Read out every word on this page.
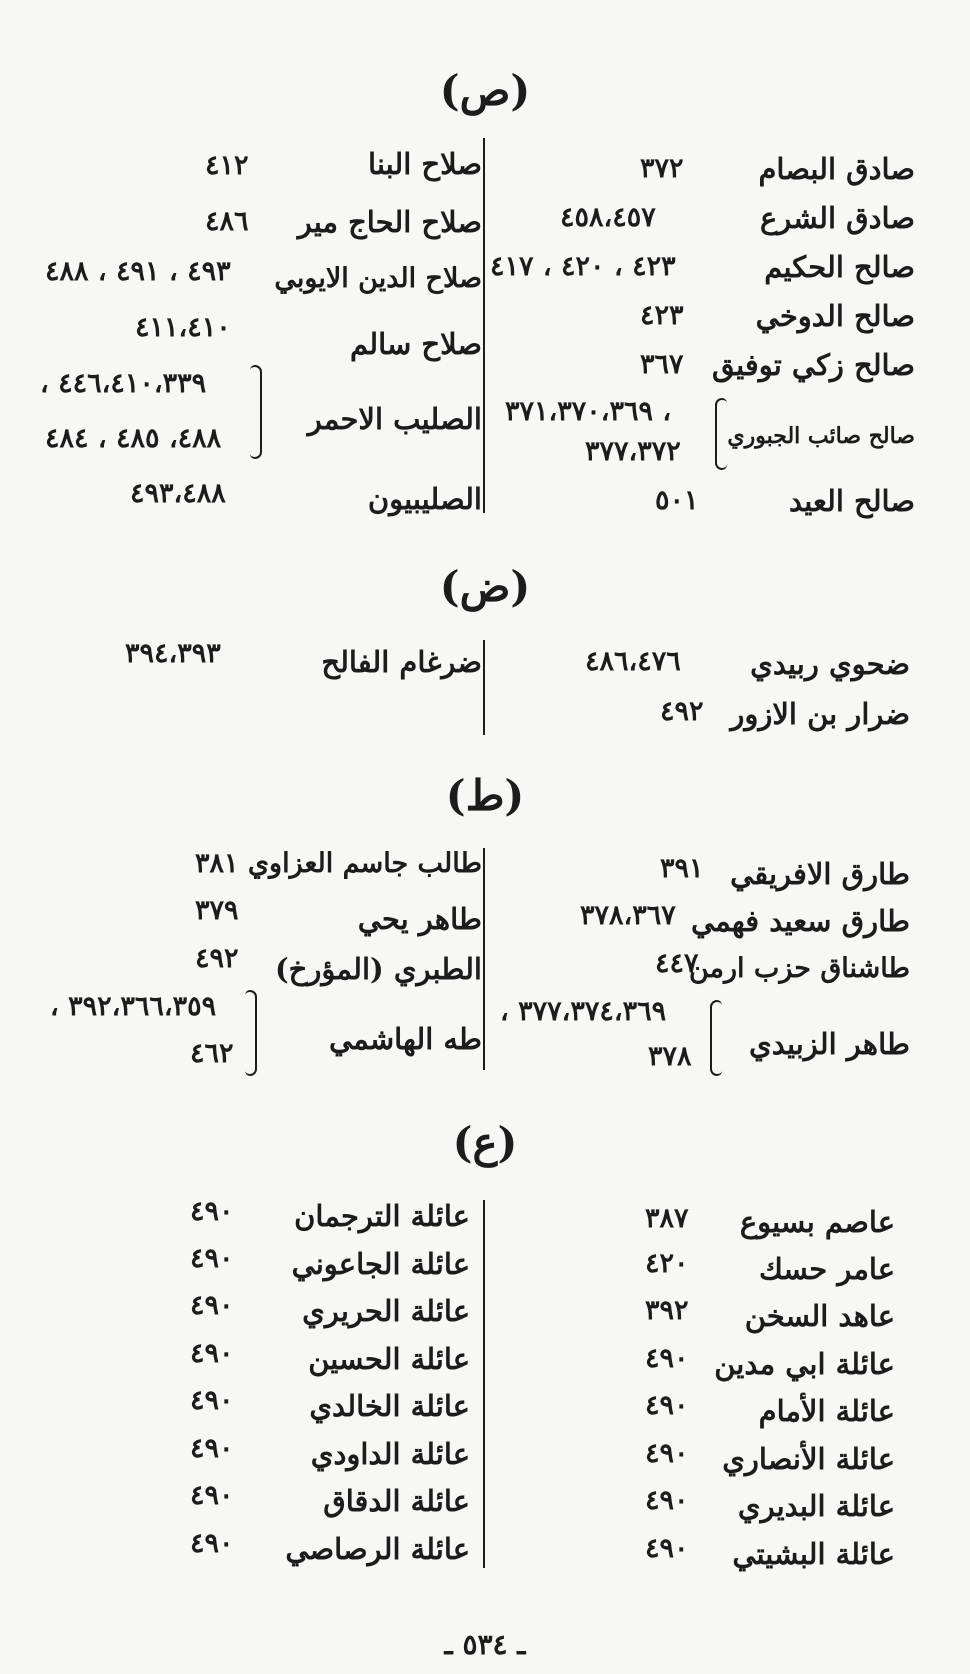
(ص)
صادق البصام
٣٧٢
صادق الشرع
٤٥٨،٤٥٧
صالح الحكيم
٤٢٣ ، ٤٢٠ ، ٤١٧
صالح الدوخي
٤٢٣
صالح زكي توفيق
٣٦٧
صالح صائب الجبوري
٣٧١،٣٧٠،٣٦٩ ،
٣٧٧،٣٧٢
صالح العيد
٥٠١
صلاح البنا
٤١٢
صلاح الحاج مير
٤٨٦
صلاح الدين الايوبي
٤٩٣ ، ٤٩١ ، ٤٨٨
صلاح سالم
٤١١،٤١٠
الصليب الاحمر
، ٤٤٦،٤١٠،٣٣٩
٤٨٨، ٤٨٥ ، ٤٨٤
الصليبيون
٤٩٣،٤٨٨
(ض)
ضحوي ربيدي
٤٨٦،٤٧٦
ضرار بن الازور
٤٩٢
ضرغام الفالح
٣٩٤،٣٩٣
(ط)
طارق الافريقي
٣٩١
طارق سعيد فهمي
٣٧٨،٣٦٧
طاشناق حزب ارمن
٤٤٧
طاهر الزبيدي
، ٣٧٧،٣٧٤،٣٦٩
٣٧٨
طالب جاسم العزاوي
٣٨١
طاهر يحي
٣٧٩
الطبري (المؤرخ)
٤٩٢
طه الهاشمي
، ٣٩٢،٣٦٦،٣٥٩
٤٦٢
(ع)
عاصم بسيوع
٣٨٧
عامر حسك
٤٢٠
عاهد السخن
٣٩٢
عائلة ابي مدين
٤٩٠
عائلة الأمام
٤٩٠
عائلة الأنصاري
٤٩٠
عائلة البديري
٤٩٠
عائلة البشيتي
٤٩٠
عائلة الترجمان
٤٩٠
عائلة الجاعوني
٤٩٠
عائلة الحريري
٤٩٠
عائلة الحسين
٤٩٠
عائلة الخالدي
٤٩٠
عائلة الداودي
٤٩٠
عائلة الدقاق
٤٩٠
عائلة الرصاصي
٤٩٠
ـ ٥٣٤ ـ
